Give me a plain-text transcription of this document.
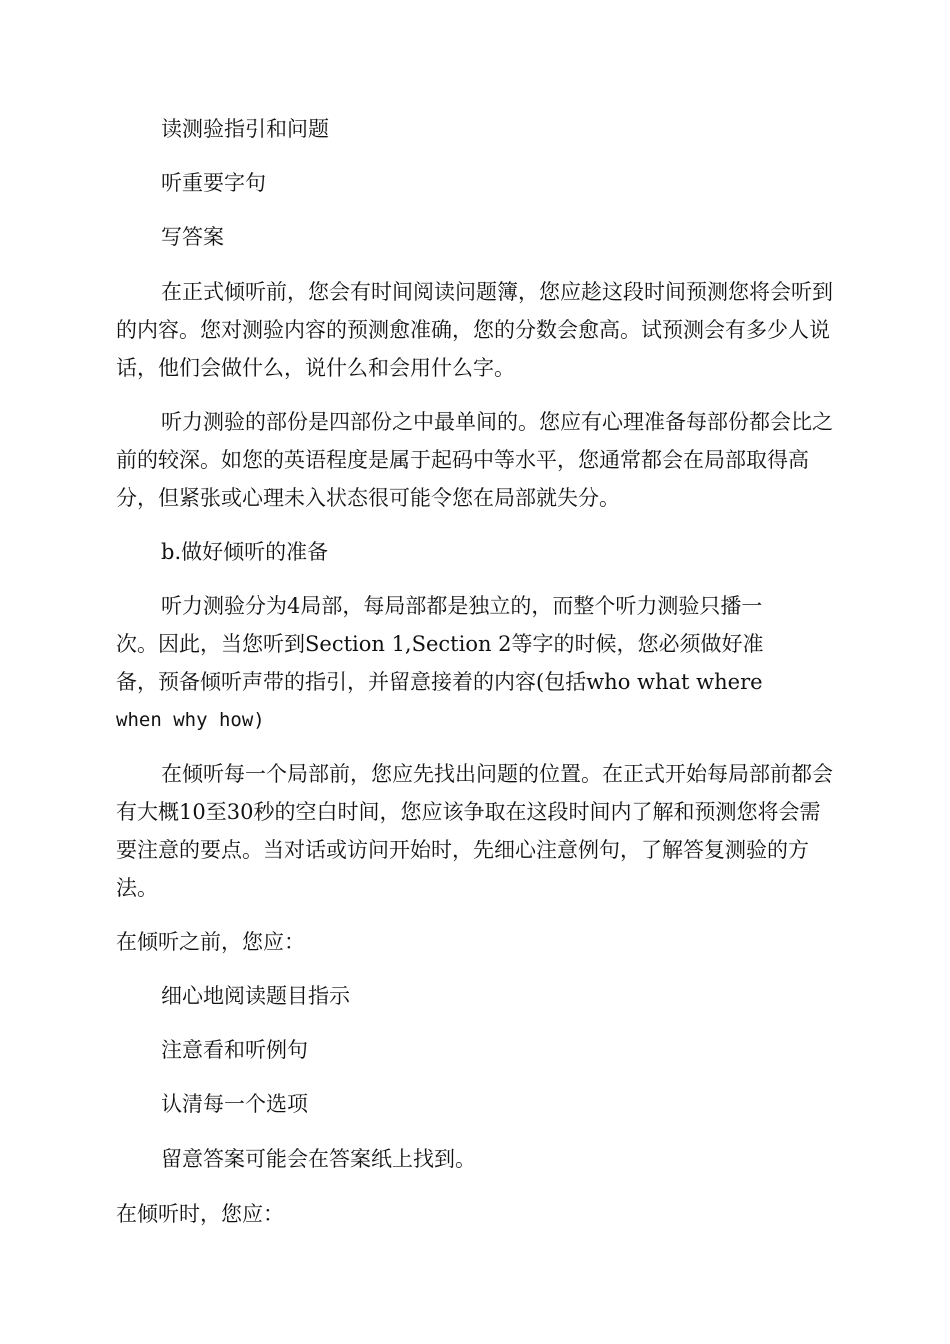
读测验指引和问题
听重要字句
写答案
在正式倾听前，您会有时间阅读问题簿，您应趁这段时间预测您将会听到的内容。您对测验内容的预测愈准确，您的分数会愈高。试预测会有多少人说话，他们会做什么，说什么和会用什么字。
听力测验的部份是四部份之中最单间的。您应有心理准备每部份都会比之前的较深。如您的英语程度是属于起码中等水平，您通常都会在局部取得高分，但紧张或心理未入状态很可能令您在局部就失分。
b.做好倾听的准备
听力测验分为4局部，每局部都是独立的，而整个听力测验只播一
次。因此，当您听到Section 1,Section 2等字的时候，您必须做好准
备，预备倾听声带的指引，并留意接着的内容(包括who what where
when why how)
在倾听每一个局部前，您应先找出问题的位置。在正式开始每局部前都会有大概10至30秒的空白时间，您应该争取在这段时间内了解和预测您将会需要注意的要点。当对话或访问开始时，先细心注意例句，了解答复测验的方法。
在倾听之前，您应：
细心地阅读题目指示
注意看和听例句
认清每一个选项
留意答案可能会在答案纸上找到。
在倾听时，您应：
